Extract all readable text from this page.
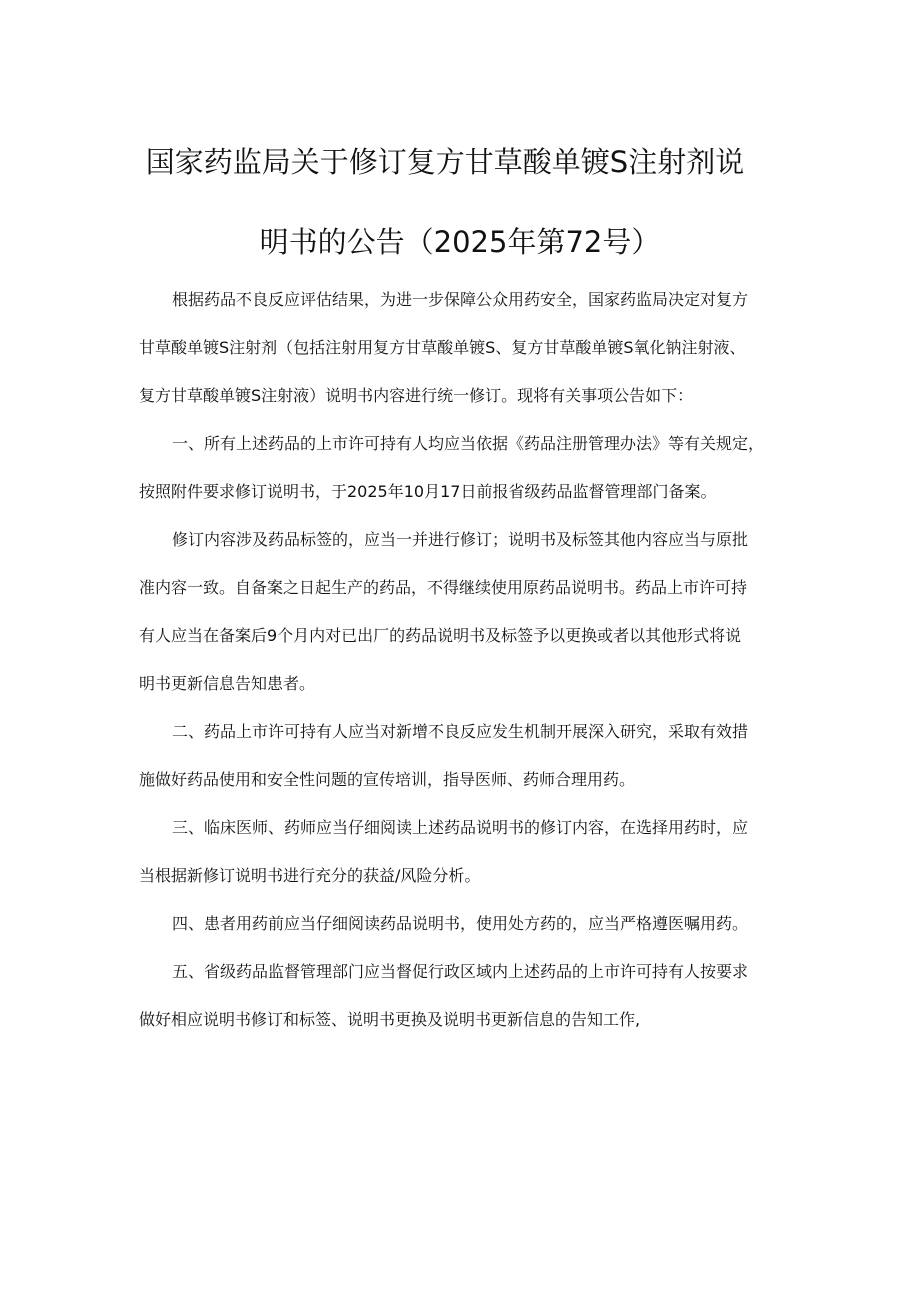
国家药监局关于修订复方甘草酸单镀S注射剂说
明书的公告（2025年第72号）

根据药品不良反应评估结果，为进一步保障公众用药安全，国家药监局决定对复方

甘草酸单镀S注射剂（包括注射用复方甘草酸单镀S、复方甘草酸单镀S氧化钠注射液、

复方甘草酸单镀S注射液）说明书内容进行统一修订。现将有关事项公告如下：

一、所有上述药品的上市许可持有人均应当依据《药品注册管理办法》等有关规定，

按照附件要求修订说明书，于2025年10月17日前报省级药品监督管理部门备案。

修订内容涉及药品标签的，应当一并进行修订；说明书及标签其他内容应当与原批

准内容一致。自备案之日起生产的药品，不得继续使用原药品说明书。药品上市许可持

有人应当在备案后9个月内对已出厂的药品说明书及标签予以更换或者以其他形式将说

明书更新信息告知患者。

二、药品上市许可持有人应当对新增不良反应发生机制开展深入研究，采取有效措

施做好药品使用和安全性问题的宣传培训，指导医师、药师合理用药。

三、临床医师、药师应当仔细阅读上述药品说明书的修订内容，在选择用药时，应

当根据新修订说明书进行充分的获益/风险分析。

四、患者用药前应当仔细阅读药品说明书，使用处方药的，应当严格遵医嘱用药。

五、省级药品监督管理部门应当督促行政区域内上述药品的上市许可持有人按要求

做好相应说明书修订和标签、说明书更换及说明书更新信息的告知工作,
